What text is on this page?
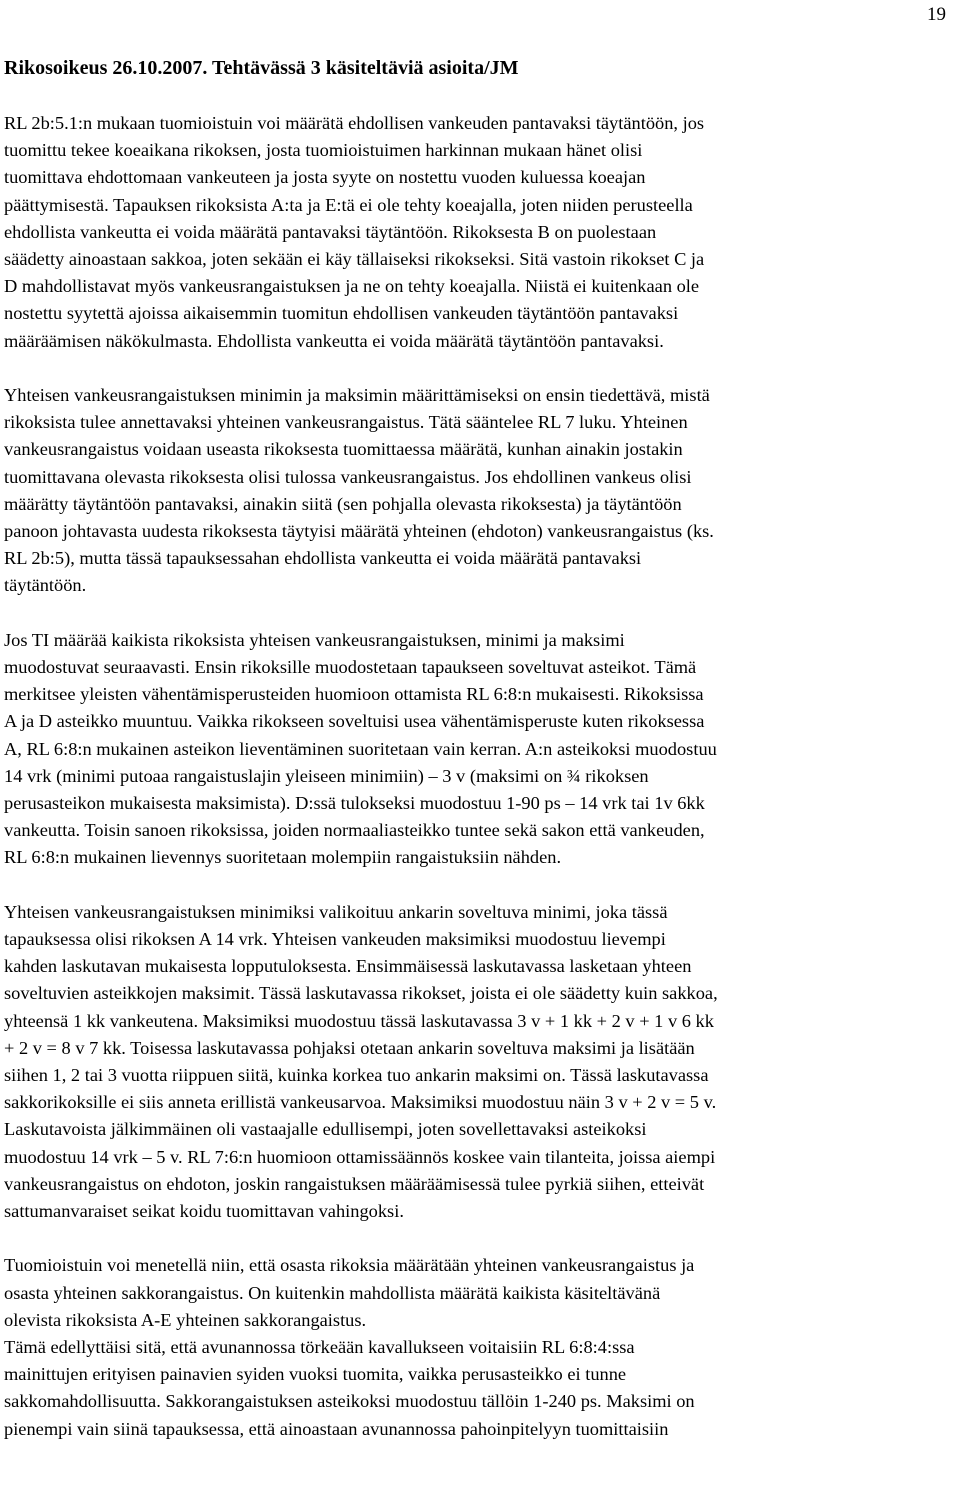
19
Rikosoikeus 26.10.2007. Tehtävässä 3 käsiteltäviä asioita/JM

RL 2b:5.1:n mukaan tuomioistuin voi määrätä ehdollisen vankeuden pantavaksi täytäntöön, jos
tuomittu tekee koeaikana rikoksen, josta tuomioistuimen harkinnan mukaan hänet olisi
tuomittava ehdottomaan vankeuteen ja josta syyte on nostettu vuoden kuluessa koeajan
päättymisestä. Tapauksen rikoksista A:ta ja E:tä ei ole tehty koeajalla, joten niiden perusteella
ehdollista vankeutta ei voida määrätä pantavaksi täytäntöön. Rikoksesta B on puolestaan
säädetty ainoastaan sakkoa, joten sekään ei käy tällaiseksi rikokseksi. Sitä vastoin rikokset C ja
D mahdollistavat myös vankeusrangaistuksen ja ne on tehty koeajalla. Niistä ei kuitenkaan ole
nostettu syytettä ajoissa aikaisemmin tuomitun ehdollisen vankeuden täytäntöön pantavaksi
määräämisen näkökulmasta. Ehdollista vankeutta ei voida määrätä täytäntöön pantavaksi.

Yhteisen vankeusrangaistuksen minimin ja maksimin määrittämiseksi on ensin tiedettävä, mistä
rikoksista tulee annettavaksi yhteinen vankeusrangaistus. Tätä sääntelee RL 7 luku. Yhteinen
vankeusrangaistus voidaan useasta rikoksesta tuomittaessa määrätä, kunhan ainakin jostakin
tuomittavana olevasta rikoksesta olisi tulossa vankeusrangaistus. Jos ehdollinen vankeus olisi
määrätty täytäntöön pantavaksi, ainakin siitä (sen pohjalla olevasta rikoksesta) ja täytäntöön
panoon johtavasta uudesta rikoksesta täytyisi määrätä yhteinen (ehdoton) vankeusrangaistus (ks.
RL 2b:5), mutta tässä tapauksessahan ehdollista vankeutta ei voida määrätä pantavaksi
täytäntöön.

Jos TI määrää kaikista rikoksista yhteisen vankeusrangaistuksen, minimi ja maksimi
muodostuvat seuraavasti. Ensin rikoksille muodostetaan tapaukseen soveltuvat asteikot. Tämä
merkitsee yleisten vähentämisperusteiden huomioon ottamista RL 6:8:n mukaisesti. Rikoksissa
A ja D asteikko muuntuu. Vaikka rikokseen soveltuisi usea vähentämisperuste kuten rikoksessa
A, RL 6:8:n mukainen asteikon lieventäminen suoritetaan vain kerran. A:n asteikoksi muodostuu
14 vrk (minimi putoaa rangaistuslajin yleiseen minimiin) – 3 v (maksimi on ¾ rikoksen
perusasteikon mukaisesta maksimista). D:ssä tulokseksi muodostuu 1-90 ps – 14 vrk tai 1v 6kk
vankeutta. Toisin sanoen rikoksissa, joiden normaaliasteikko tuntee sekä sakon että vankeuden,
RL 6:8:n mukainen lievennys suoritetaan molempiin rangaistuksiin nähden.

Yhteisen vankeusrangaistuksen minimiksi valikoituu ankarin soveltuva minimi, joka tässä
tapauksessa olisi rikoksen A 14 vrk. Yhteisen vankeuden maksimiksi muodostuu lievempi
kahden laskutavan mukaisesta lopputuloksesta. Ensimmäisessä laskutavassa lasketaan yhteen
soveltuvien asteikkojen maksimit. Tässä laskutavassa rikokset, joista ei ole säädetty kuin sakkoa,
yhteensä 1 kk vankeutena. Maksimiksi muodostuu tässä laskutavassa 3 v + 1 kk + 2 v + 1 v 6 kk
+ 2 v = 8 v 7 kk. Toisessa laskutavassa pohjaksi otetaan ankarin soveltuva maksimi ja lisätään
siihen 1, 2 tai 3 vuotta riippuen siitä, kuinka korkea tuo ankarin maksimi on. Tässä laskutavassa
sakkorikoksille ei siis anneta erillistä vankeusarvoa. Maksimiksi muodostuu näin 3 v + 2 v = 5 v.
Laskutavoista jälkimmäinen oli vastaajalle edullisempi, joten sovellettavaksi asteikoksi
muodostuu 14 vrk – 5 v. RL 7:6:n huomioon ottamissäännös koskee vain tilanteita, joissa aiempi
vankeusrangaistus on ehdoton, joskin rangaistuksen määräämisessä tulee pyrkiä siihen, etteivät
sattumanvaraiset seikat koidu tuomittavan vahingoksi.

Tuomioistuin voi menetellä niin, että osasta rikoksia määrätään yhteinen vankeusrangaistus ja
osasta yhteinen sakkorangaistus. On kuitenkin mahdollista määrätä kaikista käsiteltävänä
olevista rikoksista A-E yhteinen sakkorangaistus.

Tämä edellyttäisi sitä, että avunannossa törkeään kavallukseen voitaisiin RL 6:8:4:ssa
mainittujen erityisen painavien syiden vuoksi tuomita, vaikka perusasteikko ei tunne
sakkomahdollisuutta. Sakkorangaistuksen asteikoksi muodostuu tällöin 1-240 ps. Maksimi on
pienempi vain siinä tapauksessa, että ainoastaan avunannossa pahoinpitelyyn tuomittaisiin
